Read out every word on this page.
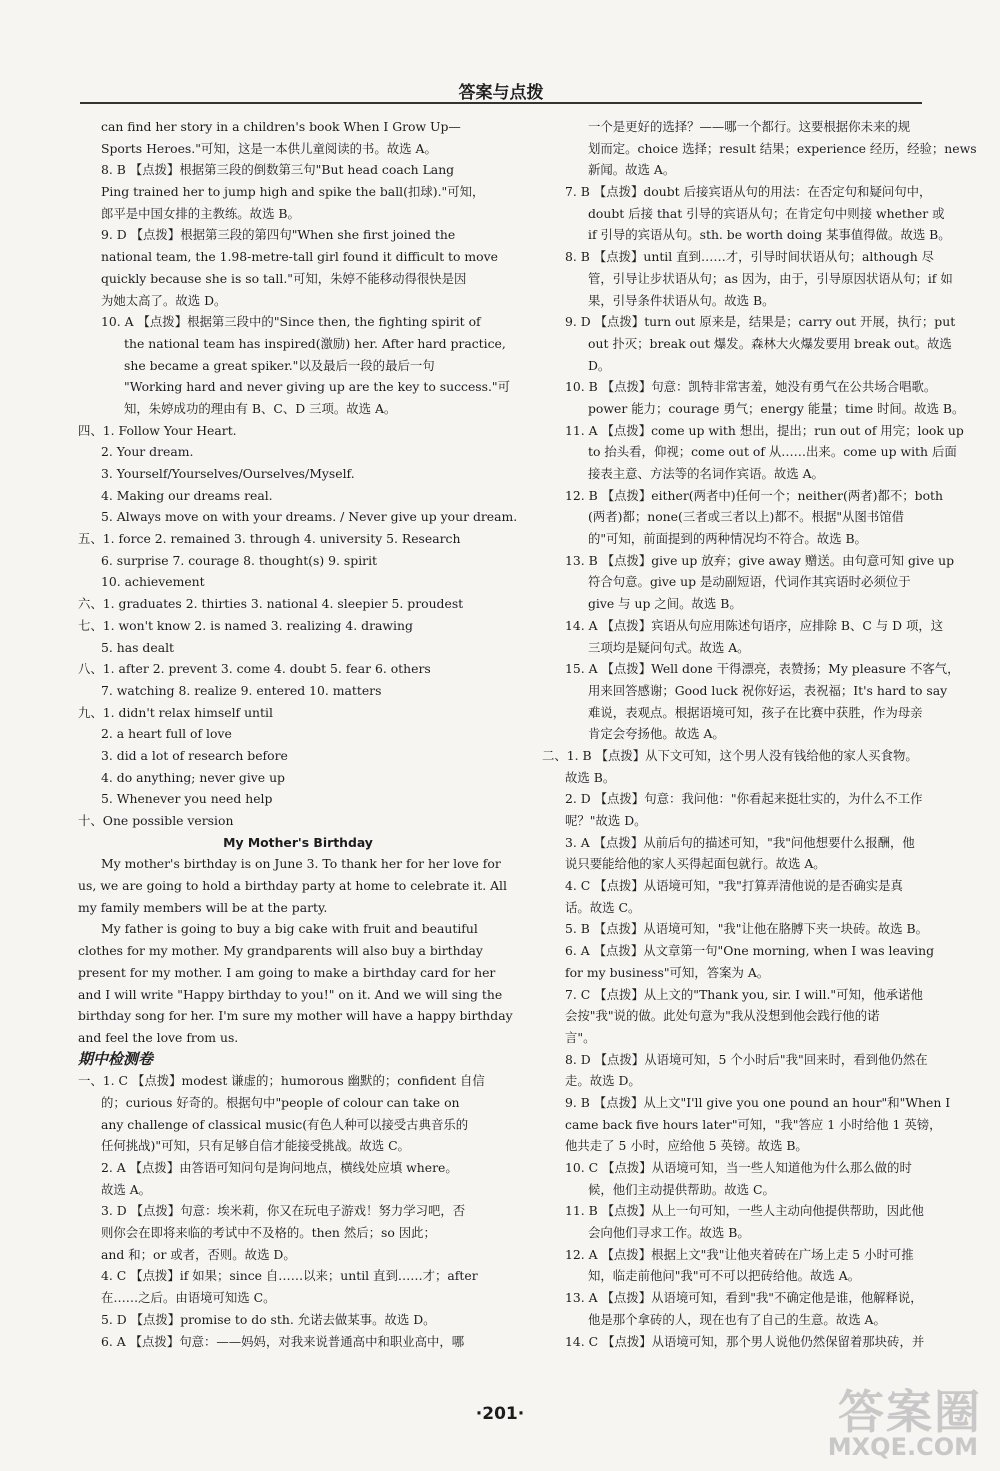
答案与点拨
can find her story in a children's book When I Grow Up—
Sports Heroes."可知，这是一本供儿童阅读的书。故选 A。
8. B 【点拨】根据第三段的倒数第三句"But head coach Lang
Ping trained her to jump high and spike the ball(扣球)."可知，
郎平是中国女排的主教练。故选 B。
9. D 【点拨】根据第三段的第四句"When she first joined the
national team, the 1.98-metre-tall girl found it difficult to move
quickly because she is so tall."可知，朱婷不能移动得很快是因
为她太高了。故选 D。
10. A 【点拨】根据第三段中的"Since then, the fighting spirit of
the national team has inspired(激励) her. After hard practice,
she became a great spiker."以及最后一段的最后一句
"Working hard and never giving up are the key to success."可
知，朱婷成功的理由有 B、C、D 三项。故选 A。
四、1. Follow Your Heart.
2. Your dream.
3. Yourself/Yourselves/Ourselves/Myself.
4. Making our dreams real.
5. Always move on with your dreams. / Never give up your dream.
五、1. force 2. remained 3. through 4. university 5. Research
6. surprise 7. courage 8. thought(s) 9. spirit
10. achievement
六、1. graduates 2. thirties 3. national 4. sleepier 5. proudest
七、1. won't know 2. is named 3. realizing 4. drawing
5. has dealt
八、1. after 2. prevent 3. come 4. doubt 5. fear 6. others
7. watching 8. realize 9. entered 10. matters
九、1. didn't relax himself until
2. a heart full of love
3. did a lot of research before
4. do anything; never give up
5. Whenever you need help
十、One possible version
My Mother's Birthday
My mother's birthday is on June 3. To thank her for her love for
us, we are going to hold a birthday party at home to celebrate it. All
my family members will be at the party.
My father is going to buy a big cake with fruit and beautiful
clothes for my mother. My grandparents will also buy a birthday
present for my mother. I am going to make a birthday card for her
and I will write "Happy birthday to you!" on it. And we will sing the
birthday song for her. I'm sure my mother will have a happy birthday
and feel the love from us.
期中检测卷
一、1. C 【点拨】modest 谦虚的；humorous 幽默的；confident 自信
的；curious 好奇的。根据句中"people of colour can take on
any challenge of classical music(有色人种可以接受古典音乐的
任何挑战)"可知，只有足够自信才能接受挑战。故选 C。
2. A 【点拨】由答语可知问句是询问地点，横线处应填 where。
故选 A。
3. D 【点拨】句意：埃米莉，你又在玩电子游戏！努力学习吧，否
则你会在即将来临的考试中不及格的。then 然后；so 因此；
and 和；or 或者，否则。故选 D。
4. C 【点拨】if 如果；since 自……以来；until 直到……才；after
在……之后。由语境可知选 C。
5. D 【点拨】promise to do sth. 允诺去做某事。故选 D。
6. A 【点拨】句意：——妈妈，对我来说普通高中和职业高中，哪
一个是更好的选择？——哪一个都行。这要根据你未来的规
划而定。choice 选择；result 结果；experience 经历，经验；news
新闻。故选 A。
7. B 【点拨】doubt 后接宾语从句的用法：在否定句和疑问句中，
doubt 后接 that 引导的宾语从句；在肯定句中则接 whether 或
if 引导的宾语从句。sth. be worth doing 某事值得做。故选 B。
8. B 【点拨】until 直到……才，引导时间状语从句；although 尽
管，引导让步状语从句；as 因为，由于，引导原因状语从句；if 如
果，引导条件状语从句。故选 B。
9. D 【点拨】turn out 原来是，结果是；carry out 开展，执行；put
out 扑灭；break out 爆发。森林大火爆发要用 break out。故选
D。
10. B 【点拨】句意：凯特非常害羞，她没有勇气在公共场合唱歌。
power 能力；courage 勇气；energy 能量；time 时间。故选 B。
11. A 【点拨】come up with 想出，提出；run out of 用完；look up
to 抬头看，仰视；come out of 从……出来。come up with 后面
接表主意、方法等的名词作宾语。故选 A。
12. B 【点拨】either(两者中)任何一个；neither(两者)都不；both
(两者)都；none(三者或三者以上)都不。根据"从图书馆借
的"可知，前面提到的两种情况均不符合。故选 B。
13. B 【点拨】give up 放弃；give away 赠送。由句意可知 give up
符合句意。give up 是动副短语，代词作其宾语时必须位于
give 与 up 之间。故选 B。
14. A 【点拨】宾语从句应用陈述句语序，应排除 B、C 与 D 项，这
三项均是疑问句式。故选 A。
15. A 【点拨】Well done 干得漂亮，表赞扬；My pleasure 不客气，
用来回答感谢；Good luck 祝你好运，表祝福；It's hard to say
难说，表观点。根据语境可知，孩子在比赛中获胜，作为母亲
肯定会夸扬他。故选 A。
二、1. B 【点拨】从下文可知，这个男人没有钱给他的家人买食物。
故选 B。
2. D 【点拨】句意：我问他："你看起来挺壮实的，为什么不工作
呢？"故选 D。
3. A 【点拨】从前后句的描述可知，"我"问他想要什么报酬，他
说只要能给他的家人买得起面包就行。故选 A。
4. C 【点拨】从语境可知，"我"打算弄清他说的是否确实是真
话。故选 C。
5. B 【点拨】从语境可知，"我"让他在胳膊下夹一块砖。故选 B。
6. A 【点拨】从文章第一句"One morning, when I was leaving
for my business"可知，答案为 A。
7. C 【点拨】从上文的"Thank you, sir. I will."可知，他承诺他
会按"我"说的做。此处句意为"我从没想到他会践行他的诺
言"。
8. D 【点拨】从语境可知，5 个小时后"我"回来时，看到他仍然在
走。故选 D。
9. B 【点拨】从上文"I'll give you one pound an hour"和"When I
came back five hours later"可知，"我"答应 1 小时给他 1 英镑，
他共走了 5 小时，应给他 5 英镑。故选 B。
10. C 【点拨】从语境可知，当一些人知道他为什么那么做的时
候，他们主动提供帮助。故选 C。
11. B 【点拨】从上一句可知，一些人主动向他提供帮助，因此他
会向他们寻求工作。故选 B。
12. A 【点拨】根据上文"我"让他夹着砖在广场上走 5 小时可推
知，临走前他问"我"可不可以把砖给他。故选 A。
13. A 【点拨】从语境可知，看到"我"不确定他是谁，他解释说，
他是那个拿砖的人，现在也有了自己的生意。故选 A。
14. C 【点拨】从语境可知，那个男人说他仍然保留着那块砖，并
·201·	答案圈
MXQE.COM
